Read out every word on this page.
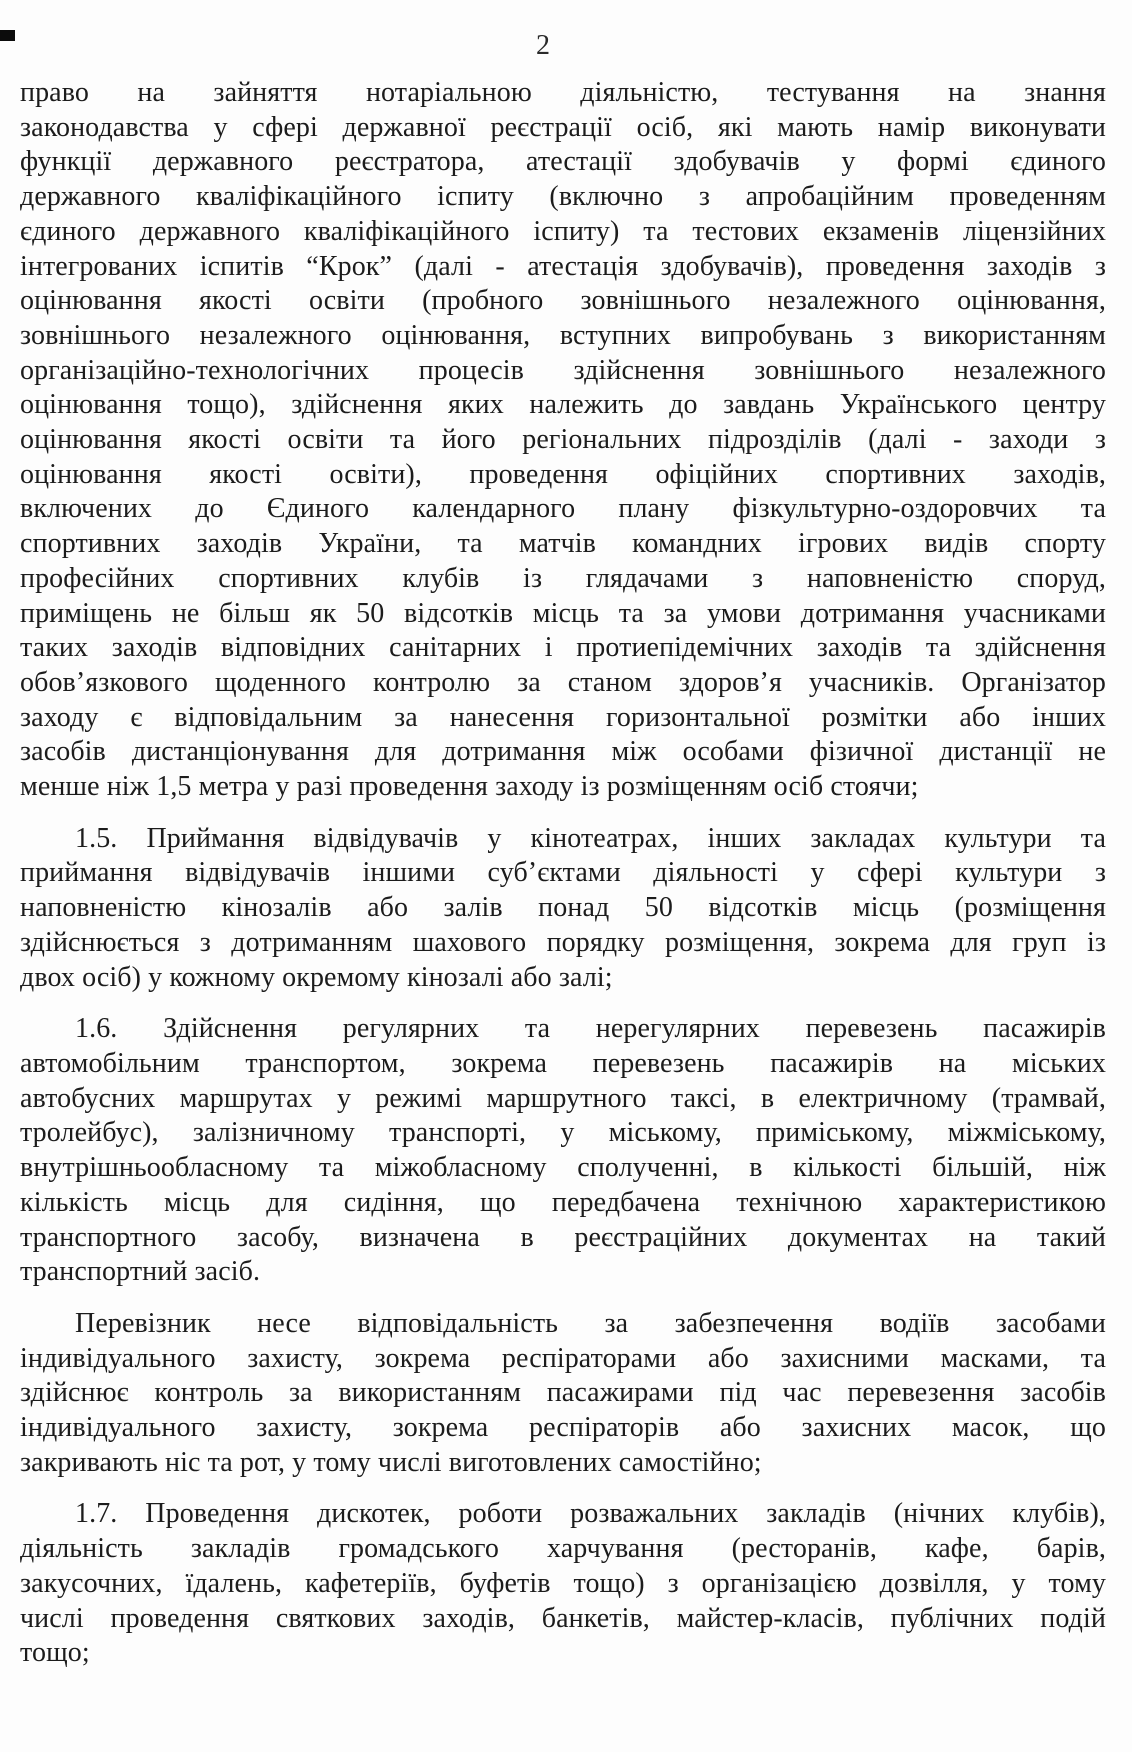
2
право на зайняття нотаріальною діяльністю, тестування на знання
законодавства у сфері державної реєстрації осіб, які мають намір виконувати
функції державного реєстратора, атестації здобувачів у формі єдиного
державного кваліфікаційного іспиту (включно з апробаційним проведенням
єдиного державного кваліфікаційного іспиту) та тестових екзаменів ліцензійних
інтегрованих іспитів “Крок” (далі - атестація здобувачів), проведення заходів з
оцінювання якості освіти (пробного зовнішнього незалежного оцінювання,
зовнішнього незалежного оцінювання, вступних випробувань з використанням
організаційно-технологічних процесів здійснення зовнішнього незалежного
оцінювання тощо), здійснення яких належить до завдань Українського центру
оцінювання якості освіти та його регіональних підрозділів (далі - заходи з
оцінювання якості освіти), проведення офіційних спортивних заходів,
включених до Єдиного календарного плану фізкультурно-оздоровчих та
спортивних заходів України, та матчів командних ігрових видів спорту
професійних спортивних клубів із глядачами з наповненістю споруд,
приміщень не більш як 50 відсотків місць та за умови дотримання учасниками
таких заходів відповідних санітарних і протиепідемічних заходів та здійснення
обов’язкового щоденного контролю за станом здоров’я учасників. Організатор
заходу є відповідальним за нанесення горизонтальної розмітки або інших
засобів дистанціонування для дотримання між особами фізичної дистанції не
менше ніж 1,5 метра у разі проведення заходу із розміщенням осіб стоячи;
1.5. Приймання відвідувачів у кінотеатрах, інших закладах культури та
приймання відвідувачів іншими суб’єктами діяльності у сфері культури з
наповненістю кінозалів або залів понад 50 відсотків місць (розміщення
здійснюється з дотриманням шахового порядку розміщення, зокрема для груп із
двох осіб) у кожному окремому кінозалі або залі;
1.6. Здійснення регулярних та нерегулярних перевезень пасажирів
автомобільним транспортом, зокрема перевезень пасажирів на міських
автобусних маршрутах у режимі маршрутного таксі, в електричному (трамвай,
тролейбус), залізничному транспорті, у міському, приміському, міжміському,
внутрішньообласному та міжобласному сполученні, в кількості більшій, ніж
кількість місць для сидіння, що передбачена технічною характеристикою
транспортного засобу, визначена в реєстраційних документах на такий
транспортний засіб.
Перевізник несе відповідальність за забезпечення водіїв засобами
індивідуального захисту, зокрема респіраторами або захисними масками, та
здійснює контроль за використанням пасажирами під час перевезення засобів
індивідуального захисту, зокрема респіраторів або захисних масок, що
закривають ніс та рот, у тому числі виготовлених самостійно;
1.7. Проведення дискотек, роботи розважальних закладів (нічних клубів),
діяльність закладів громадського харчування (ресторанів, кафе, барів,
закусочних, їдалень, кафетеріїв, буфетів тощо) з організацією дозвілля, у тому
числі проведення святкових заходів, банкетів, майстер-класів, публічних подій
тощо;
